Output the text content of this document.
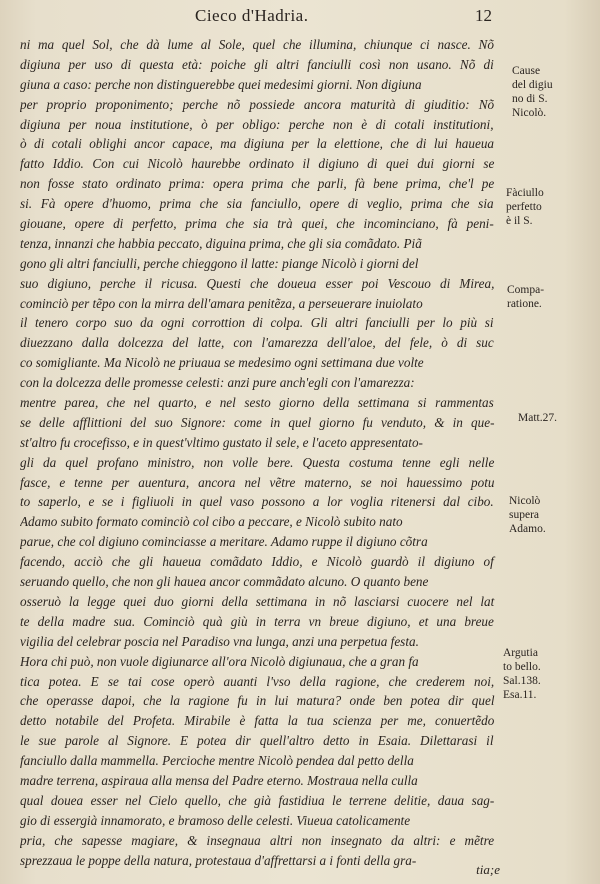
Cieco d'Hadria.	12
ni ma quel Sol, che dà lume al Sole, quel che illumina, chiunque ci nasce. Nõ
digiuna per uso di questa età: poiche gli altri fanciulli così non usano. Nõ di
giuna a caso: perche non distinguerebbe quei medesimi giorni. Non digiuna
per proprio proponimento; perche nõ possiede ancora maturità di giuditio: Nõ
digiuna per noua institutione, ò per obligo: perche non è di cotali institutioni,
ò di cotali oblighi ancor capace, ma digiuna per la elettione, che di lui haueua
fatto Iddio. Con cui Nicolò haurebbe ordinato il digiuno di quei dui giorni se
non fosse stato ordinato prima: opera prima che parli, fà bene prima, che'l pe
si. Fà opere d'huomo, prima che sia fanciullo, opere di veglio, prima che sia
giouane, opere di perfetto, prima che sia trà quei, che incominciano, fà peni-
tenza, innanzi che habbia peccato, diguina prima, che gli sia comãdato. Piã
gono gli altri fanciulli, perche chieggono il latte: piange Nicolò i giorni del
suo digiuno, perche il ricusa. Questi che doueua esser poi Vescouo di Mirea,
cominciò per tẽpo con la mirra dell'amara penitẽza, a perseuerare inuiolato
il tenero corpo suo da ogni corrottion di colpa. Gli altri fanciulli per lo più si
diuezzano dalla dolcezza del latte, con l'amarezza dell'aloe, del fele, ò di suc
co somigliante. Ma Nicolò ne priuaua se medesimo ogni settimana due volte
con la dolcezza delle promesse celesti: anzi pure anch'egli con l'amarezza:
mentre parea, che nel quarto, e nel sesto giorno della settimana si rammentas
se delle afflittioni del suo Signore: come in quel giorno fu venduto, & in que-
st'altro fu crocefisso, e in quest'vltimo gustato il sele, e l'aceto appresentato-
gli da quel profano ministro, non volle bere. Questa costuma tenne egli nelle
fasce, e tenne per auentura, ancora nel vẽtre materno, se noi hauessimo potu
to saperlo, e se i figliuoli in quel vaso possono a lor voglia ritenersi dal cibo.
Adamo subito formato cominciò col cibo a peccare, e Nicolò subito nato
parue, che col digiuno cominciasse a meritare. Adamo ruppe il digiuno cõtra
facendo, acciò che gli haueua comãdato Iddio, e Nicolò guardò il digiuno of
seruando quello, che non gli hauea ancor commãdato alcuno. O quanto bene
osseruò la legge quei duo giorni della settimana in nõ lasciarsi cuocere nel lat
te della madre sua. Cominciò quà giù in terra vn breue digiuno, et una breue
vigilia del celebrar poscia nel Paradiso vna lunga, anzi una perpetua festa.
Hora chi può, non vuole digiunarce all'ora Nicolò digiunaua, che a gran fa
tica potea. E se tai cose operò auanti l'vso della ragione, che crederem noi,
che operasse dapoi, che la ragione fu in lui matura? onde ben potea dir quel
detto notabile del Profeta. Mirabile è fatta la tua scienza per me, conuertẽdo
le sue parole al Signore. E potea dir quell'altro detto in Esaia. Dilettarasi il
fanciullo dalla mammella. Percioche mentre Nicolò pendea dal petto della
madre terrena, aspiraua alla mensa del Padre eterno. Mostraua nella culla
qual douea esser nel Cielo quello, che già fastidiua le terrene delitie, daua sag-
gio di essergià innamorato, e bramoso delle celesti. Viueua catolicamente
pria, che sapesse magiare, & insegnaua altri non insegnato da altri: e mẽtre
sprezzaua le poppe della natura, protestaua d'affrettarsi a i fonti della gra-
Cause
del digiu
no di S.
Nicolò.
Fàciullo
perfetto
è il S.
Compa-
ratione.
Matt.27.
Nicolò
supera
Adamo.
Argutia
to bello.
Sal.138.
Esa.11.
tia;e
